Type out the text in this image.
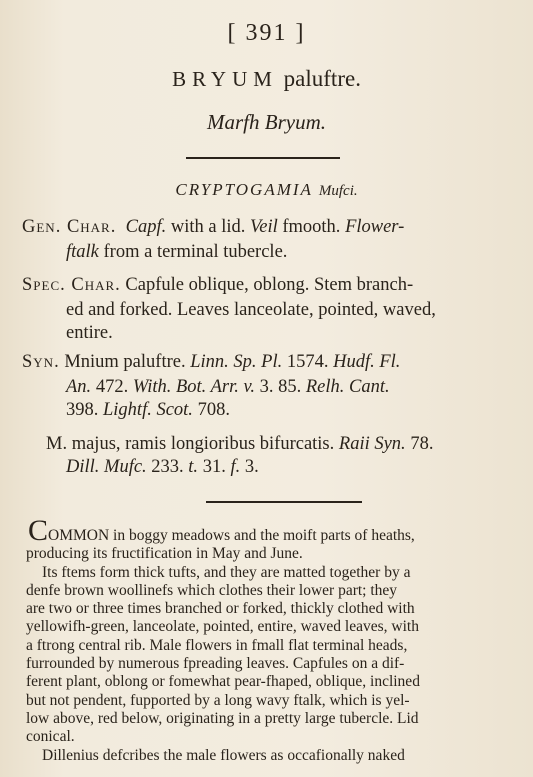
[ 391 ]
BRYUM paluftre.
Marfh Bryum.
CRYPTOGAMIA Mufci.
Gen. Char. Capf. with a lid. Veil fmooth. Flower-
ftalk from a terminal tubercle.
Spec. Char. Capfule oblique, oblong. Stem branch-
ed and forked. Leaves lanceolate, pointed, waved,
entire.
Syn. Mnium paluftre. Linn. Sp. Pl. 1574. Hudf. Fl.
An. 472. With. Bot. Arr. v. 3. 85. Relh. Cant.
398. Lightf. Scot. 708.
M. majus, ramis longioribus bifurcatis. Raii Syn. 78.
Dill. Mufc. 233. t. 31. f. 3.
COMMON in boggy meadows and the moift parts of heaths,
producing its fructification in May and June.
Its ftems form thick tufts, and they are matted together by a
denfe brown woollinefs which clothes their lower part; they
are two or three times branched or forked, thickly clothed with
yellowifh-green, lanceolate, pointed, entire, waved leaves, with
a ftrong central rib. Male flowers in fmall flat terminal heads,
furrounded by numerous fpreading leaves. Capfules on a dif-
ferent plant, oblong or fomewhat pear-fhaped, oblique, inclined
but not pendent, fupported by a long wavy ftalk, which is yel-
low above, red below, originating in a pretty large tubercle. Lid
conical.
Dillenius defcribes the male flowers as occafionally naked
